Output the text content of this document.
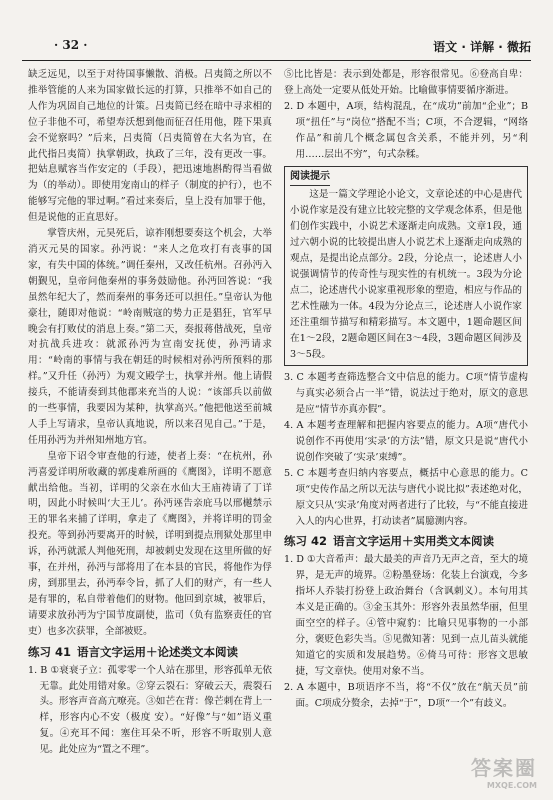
· 32 ·	语文 · 详解 · 微拓

缺乏远见，以至于对待国事懒散、消极。吕夷简之所以不推举管能的人来为国家做长远的打算，只推举不如自己的人作为巩固自己地位的计策。吕夷简已经在暗中寻求相的位子非他不可，希望寿沃想到他而征召任用他，陛下果真会不觉察吗？”后来，吕夷简（吕夷简曾在大名为官，在此代指吕夷简）执掌朝政，执政了三年，没有更改一事。把姑息赋容当作安定的（手段），把迅速地斟酌得当看做为（的举动）。即使用宠南山的样子（制度的护行），也不能够写完他的罪过啊。”看过来奏后，皇上没有加罪于他，但是说他的正直思好。

掌管庆州，元昊死后，谅祚刚想要奏这个机会，大举消灭元昊的国家。孙沔说：“来人之危攻打有丧事的国家，有失中国的体统。”调任秦州，又改任杭州。召孙沔入朝觐见，皇帝问他秦州的事务鼓励他。孙沔回答说：“我虽然年纪大了，然而秦州的事务还可以担任。”皇帝认为他豪壮，随即对他说：“岭南贼寇的势力正是猖狂，官军早晚会有打败仗的消息上奏。”第二天，奏报蒋偕战死，皇帝对抗战兵进攻：就派孙沔为宣南安抚使，孙沔请求用：“岭南的事情与我在朝廷的时候相对孙沔所预料的那样。”又升任（孙沔）为观文殿学士，执掌并州。他上请假接兵，不能请奏到其他郡来充当的人说：“该部兵以前做的一些事情，我要因为某种，执掌高兴。”他把他送至前城人手上写请求，皇帝认真地说，所以来召见自己。”于是，任用孙沔为并州知州地方官。

皇帝下诏令审查他的行迹，使者上奏：“在杭州，孙沔喜爱详明所收藏的郭虔难所画的《鹰图》，详明不愿意献出给他。当初，详明的父亲在水仙大王庙祷请了丁详明，因此小时候叫‘大王儿’。孙沔诬告亲庇马以邢樾禁示王的罪名来捕了详明，拿走了《鹰图》，并将详明的罚金投充。等到孙沔要离开的时候，详明到提点刑狱处那里申诉，孙沔就派人判他死刑，却被刺史发现在这里所做的好事，在并州，孙沔与部将用了在本县的官民，将他作为俘虏，到那里去，孙沔奉令旨，抓了人们的财产，有一些人是有罪的，私自带着他们的财物。他回到京城，被罪后，请要求放孙沔为宁国节度副使，监司（负有监察责任的官吏）也多次获罪，全部被贬。

练习 41 语言文字运用＋论述类文本阅读

1. B ①衰衰子立：孤零零一个人站在那里，形容孤单无依无靠。此处用错对象。②穿云裂石：穿破云天，震裂石头。形容声音高亢嘹亮。③如芒在背：像芒刺在背上一样，形容内心不安（极度 安）。“好像”与“如”语义重复。④充耳不闻：塞住耳朵不听，形容不听取别人意见。此处应为“置之不理”。

⑤比比皆是：表示到处都是，形容很常见。⑥登高自卑：登上高处一定要从低处开始。比喻做事情要循序渐进。

2. D 本题中，A项，结构混乱，在“成功”前加“企业”；B项“扭任”与“岗位”搭配不当；C项，不合逻辑，“网络作品”和前几个概念属包含关系，不能并列，另“利用……层出不穷”，句式杂糅。

阅读提示

这是一篇文学理论小论文，文章论述的中心是唐代小说作家是没有建立比较完整的文学观念体系，但是他们创作实践中，小说艺术逐渐走向成熟。文章1段，通过六朝小说的比较提出唐人小说艺术上逐渐走向成熟的观点，是提出论点部分。2段，分论点一，论述唐人小说强调情节的传奇性与现实性的有机统一。3段为分论点二，论述唐代小说家重视形象的塑造，相应与作品的艺术性融为一体。4段为分论点三，论述唐人小说作家还注重细节描写和精彩描写。本文题中，1题命题区间在1～2段，2题命题区间在3～4段，3题命题区间涉及3～5段。

3. C 本题考查筛选整合文中信息的能力。C项“情节虚构与真实必须合占一半”错，说法过于绝对，原文的意思是应“情节亦真亦假”。

4. A 本题考查理解和把握内容要点的能力。A项“唐代小说创作不再使用‘实录’的方法”错，原文只是说“唐代小说创作突破了‘实录’束缚”。

5. C 本题考查归纳内容要点，概括中心意思的能力。C项“史传作品之所以无法与唐代小说比拟”表述绝对化，原文只从‘实录’角度对两者进行了比较，与“不能直接进入人的内心世界，打动读者”属臆测内容。

练习 42 语言文字运用＋实用类文本阅读

1. D ①大音希声：最大最美的声音乃无声之音，至大的境界，是无声的境界。②粉墨登场：化装上台演戏，今多指坏人乔装打扮登上政治舞台（含讽刺义）。本句用其本义是正确的。③金玉其外：形容外表虽然华丽，但里面空空的样子。④管中窥豹：比喻只见事物的一小部分，褒贬色彩失当。⑤见微知著：见到一点儿苗头就能知道它的实质和发展趋势。⑥倚马可待：形容文思敏捷，写文章快。使用对象不当。

2. A 本题中，B项语序不当，将“不仅”放在“航天员”前面。C项成分赘余，去掉“于”，D项“一个”有歧义。

答案圈
MXQE.COM
